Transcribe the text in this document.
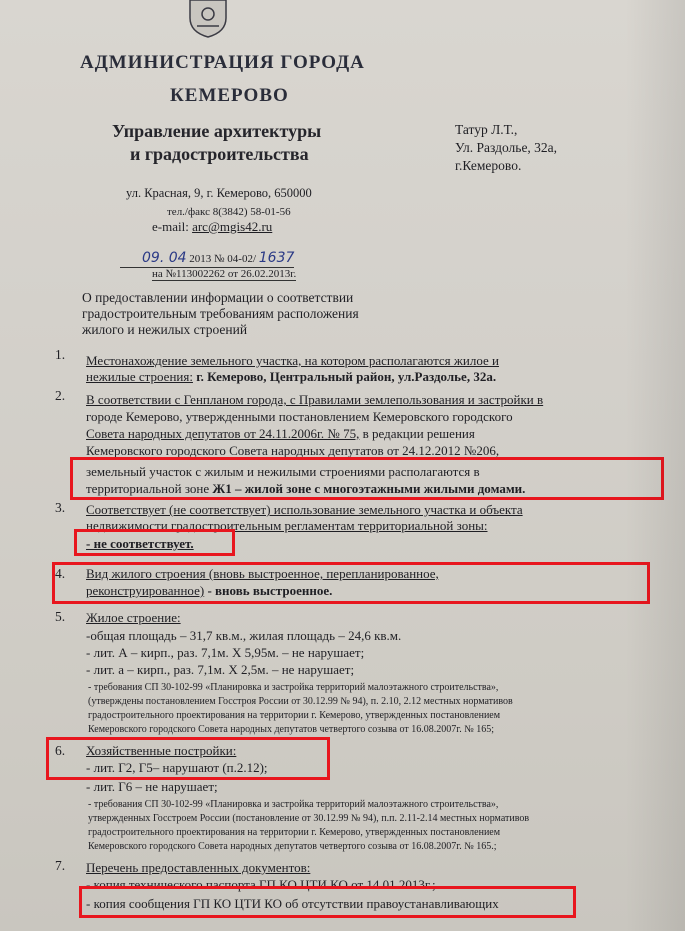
АДМИНИСТРАЦИЯ ГОРОДА
КЕМЕРОВО
Управление архитектуры
и градостроительства
ул. Красная, 9, г. Кемерово, 650000
тел./факс 8(3842) 58-01-56
e-mail: arc@mgis42.ru
Татур Л.Т.,
Ул. Раздолье, 32а,
г.Кемерово.
09. 04 2013 № 04-02/ 1637
на №113002262 от 26.02.2013г.
О предоставлении информации о соответствии
градостроительным требованиям расположения
жилого и нежилых строений
1. Местонахождение земельного участка, на котором располагаются жилое и
нежилые строения: г. Кемерово, Центральный район, ул.Раздолье, 32а.
2. В соответствии с Генпланом города, с Правилами землепользования и застройки в
городе Кемерово, утвержденными постановлением Кемеровского городского
Совета народных депутатов от 24.11.2006г. № 75, в редакции решения
Кемеровского городского Совета народных депутатов от 24.12.2012 №206,
земельный участок с жилым и нежилыми строениями располагаются в
территориальной зоне Ж1 – жилой зоне с многоэтажными жилыми домами.
3. Соответствует (не соответствует) использование земельного участка и объекта
недвижимости градостроительным регламентам территориальной зоны:
- не соответствует.
4. Вид жилого строения (вновь выстроенное, перепланированное,
реконструированное) - вновь выстроенное.
5. Жилое строение:
-общая площадь – 31,7 кв.м., жилая площадь – 24,6 кв.м.
- лит. А – кирп., раз. 7,1м. Х 5,95м. – не нарушает;
- лит. а – кирп., раз. 7,1м. Х 2,5м. – не нарушает;
- требования СП 30-102-99 «Планировка и застройка территорий малоэтажного строительства»,
(утверждены постановлением Госстроя России от 30.12.99 № 94), п. 2.10, 2.12 местных нормативов
градостроительного проектирования на территории г. Кемерово, утвержденных постановлением
Кемеровского городского Совета народных депутатов четвертого созыва от 16.08.2007г. № 165;
6. Хозяйственные постройки:
- лит. Г2, Г5– нарушают (п.2.12);
- лит. Г6 – не нарушает;
- требования СП 30-102-99 «Планировка и застройка территорий малоэтажного строительства»,
утвержденных Госстроем России (постановление от 30.12.99 № 94), п.п. 2.11-2.14 местных нормативов
градостроительного проектирования на территории г. Кемерово, утвержденных постановлением
Кемеровского городского Совета народных депутатов четвертого созыва от 16.08.2007г. № 165.;
7. Перечень предоставленных документов:
- копия технического паспорта ГП КО ЦТИ КО от 14.01.2013г.;
- копия сообщения ГП КО ЦТИ КО об отсутствии правоустанавливающих
